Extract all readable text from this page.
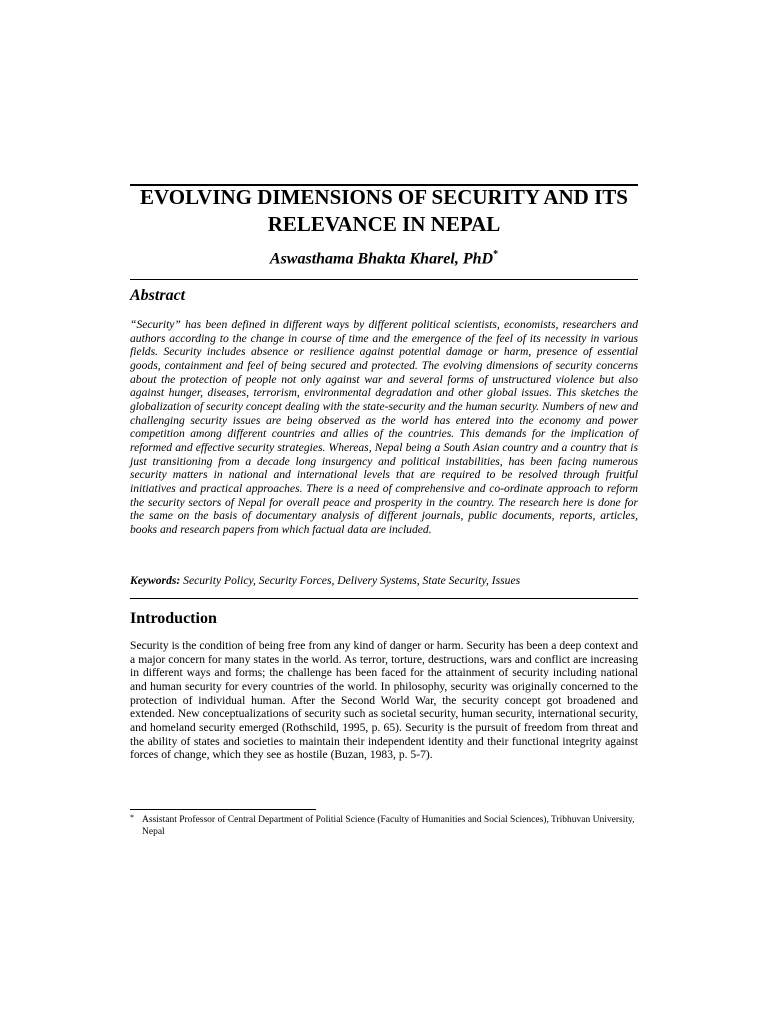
EVOLVING DIMENSIONS OF SECURITY AND ITS
RELEVANCE IN NEPAL

Aswasthama Bhakta Kharel, PhD*

Abstract

“Security” has been defined in different ways by different political scientists, economists, researchers and authors according to the change in course of time and the emergence of the feel of its necessity in various fields. Security includes absence or resilience against potential damage or harm, presence of essential goods, containment and feel of being secured and protected. The evolving dimensions of security concerns about the protection of people not only against war and several forms of unstructured violence but also against hunger, diseases, terrorism, environmental degradation and other global issues. This sketches the globalization of security concept dealing with the state-security and the human security. Numbers of new and challenging security issues are being observed as the world has entered into the economy and power competition among different countries and allies of the countries. This demands for the implication of reformed and effective security strategies. Whereas, Nepal being a South Asian country and a country that is just transitioning from a decade long insurgency and political instabilities, has been facing numerous security matters in national and international levels that are required to be resolved through fruitful initiatives and practical approaches. There is a need of comprehensive and co-ordinate approach to reform the security sectors of Nepal for overall peace and prosperity in the country. The research here is done for the same on the basis of documentary analysis of different journals, public documents, reports, articles, books and research papers from which factual data are included.

Keywords: Security Policy, Security Forces, Delivery Systems, State Security, Issues

Introduction

Security is the condition of being free from any kind of danger or harm. Security has been a deep context and a major concern for many states in the world. As terror, torture, destructions, wars and conflict are increasing in different ways and forms; the challenge has been faced for the attainment of security including national and human security for every countries of the world. In philosophy, security was originally concerned to the protection of individual human. After the Second World War, the security concept got broadened and extended. New conceptualizations of security such as societal security, human security, international security, and homeland security emerged (Rothschild, 1995, p. 65). Security is the pursuit of freedom from threat and the ability of states and societies to maintain their independent identity and their functional integrity against forces of change, which they see as hostile (Buzan, 1983, p. 5-7).

* Assistant Professor of Central Department of Politial Science (Faculty of Humanities and Social Sciences), Tribhuvan University, Nepal
